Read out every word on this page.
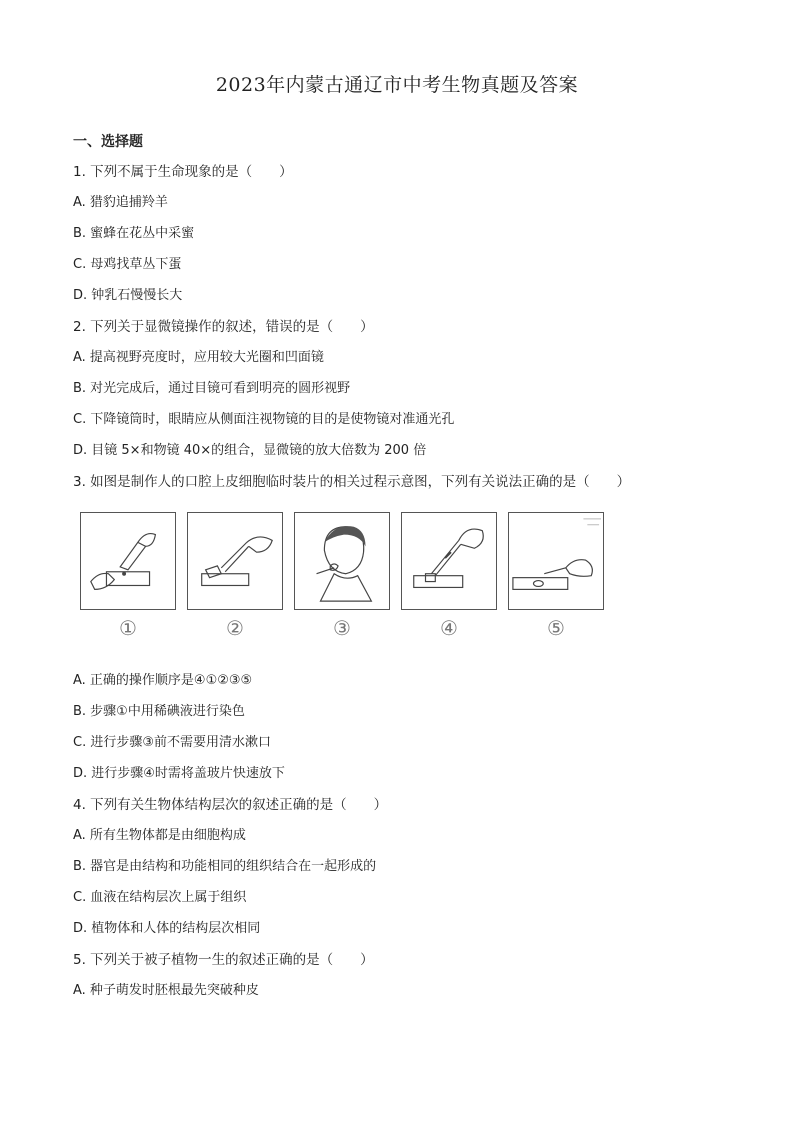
2023年内蒙古通辽市中考生物真题及答案
一、选择题
1. 下列不属于生命现象的是（　　）
A. 猎豹追捕羚羊
B. 蜜蜂在花丛中采蜜
C. 母鸡找草丛下蛋
D. 钟乳石慢慢长大
2. 下列关于显微镜操作的叙述，错误的是（　　）
A. 提高视野亮度时，应用较大光圈和凹面镜
B. 对光完成后，通过目镜可看到明亮的圆形视野
C. 下降镜筒时，眼睛应从侧面注视物镜的目的是使物镜对准通光孔
D. 目镜 5×和物镜 40×的组合，显微镜的放大倍数为 200 倍
3. 如图是制作人的口腔上皮细胞临时装片的相关过程示意图，下列有关说法正确的是（　　）
①	②	③	④	⑤
A. 正确的操作顺序是④①②③⑤
B. 步骤①中用稀碘液进行染色
C. 进行步骤③前不需要用清水漱口
D. 进行步骤④时需将盖玻片快速放下
4. 下列有关生物体结构层次的叙述正确的是（　　）
A. 所有生物体都是由细胞构成
B. 器官是由结构和功能相同的组织结合在一起形成的
C. 血液在结构层次上属于组织
D. 植物体和人体的结构层次相同
5. 下列关于被子植物一生的叙述正确的是（　　）
A. 种子萌发时胚根最先突破种皮
